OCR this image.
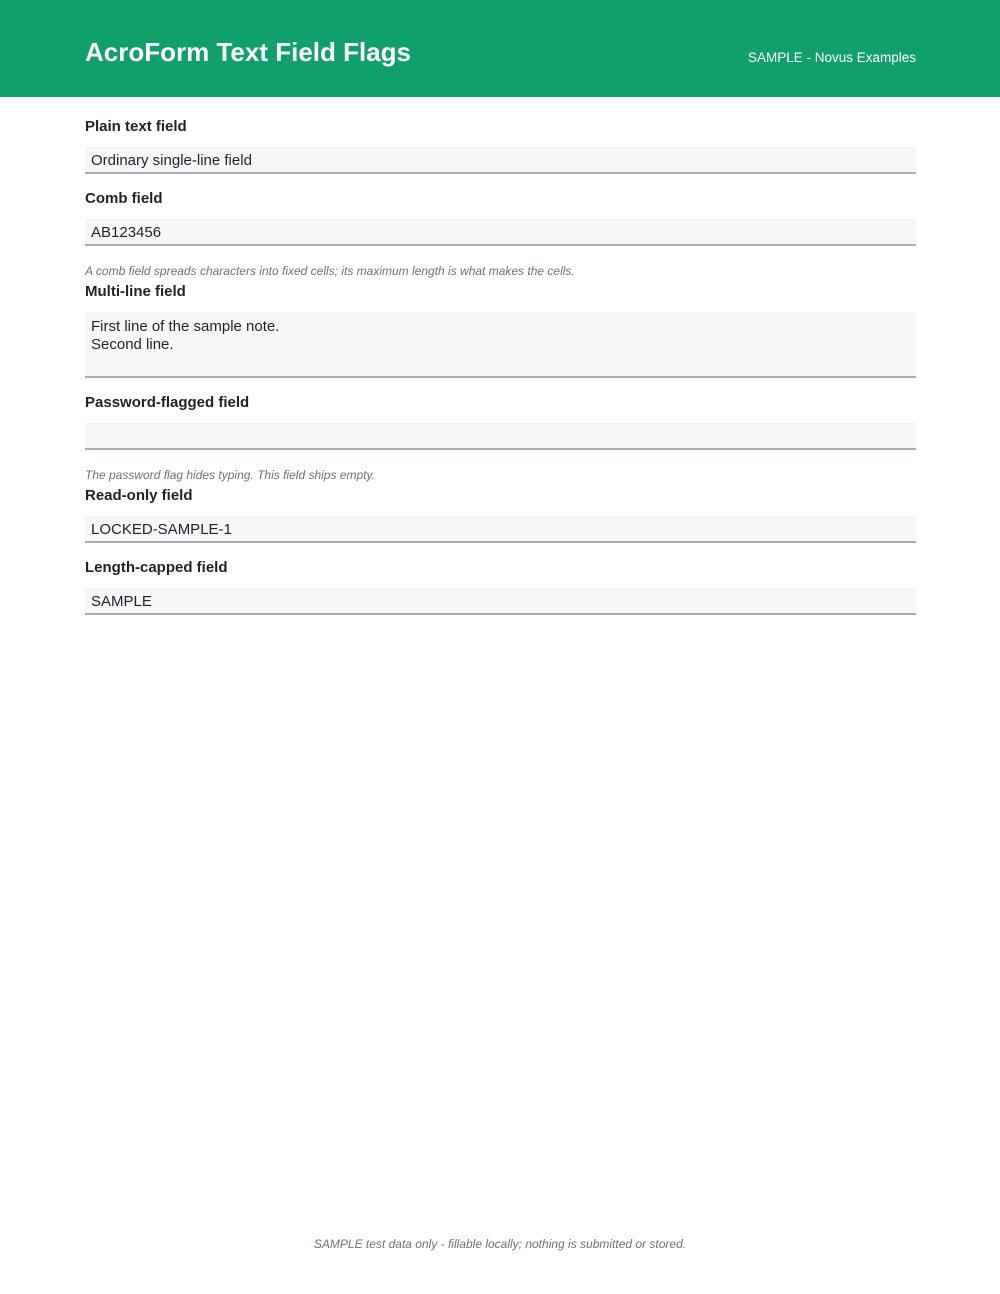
AcroForm Text Field Flags	SAMPLE - Novus Examples
Plain text field
Ordinary single-line field
Comb field
AB123456
A comb field spreads characters into fixed cells; its maximum length is what makes the cells.
Multi-line field
First line of the sample note.
Second line.
Password-flagged field
The password flag hides typing. This field ships empty.
Read-only field
LOCKED-SAMPLE-1
Length-capped field
SAMPLE
SAMPLE test data only - fillable locally; nothing is submitted or stored.
